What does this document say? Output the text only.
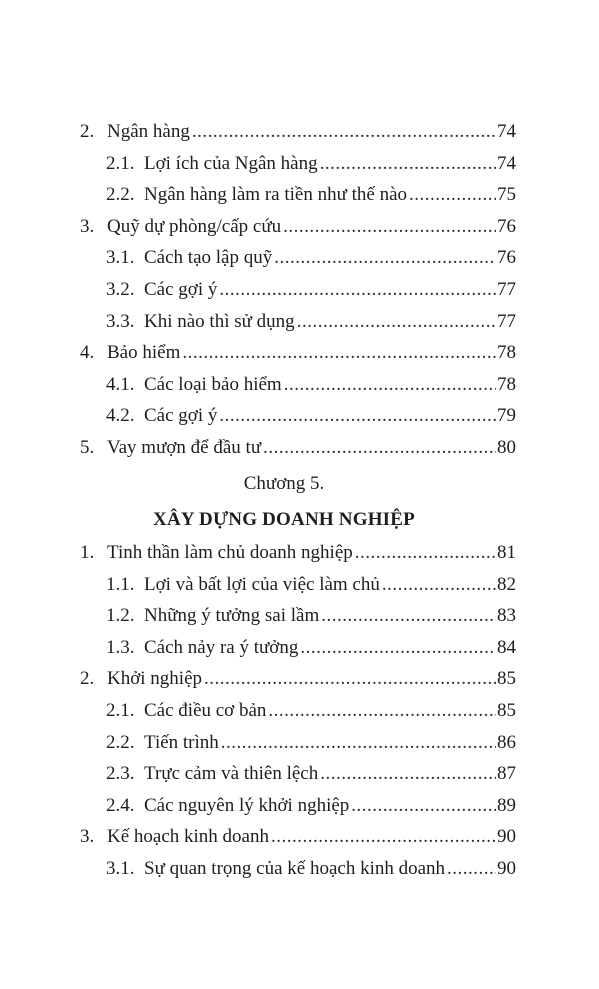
2. Ngân hàng .....	74
2.1. Lợi ích của Ngân hàng .....	74
2.2. Ngân hàng làm ra tiền như thế nào .....	75
3. Quỹ dự phòng/cấp cứu .....	76
3.1. Cách tạo lập quỹ .....	76
3.2. Các gợi ý .....	77
3.3. Khi nào thì sử dụng .....	77
4. Bảo hiểm .....	78
4.1. Các loại bảo hiểm .....	78
4.2. Các gợi ý .....	79
5. Vay mượn để đầu tư .....	80
Chương 5.
XÂY DỰNG DOANH NGHIỆP
1. Tinh thần làm chủ doanh nghiệp .....	81
1.1. Lợi và bất lợi của việc làm chủ .....	82
1.2. Những ý tưởng sai lầm .....	83
1.3. Cách nảy ra ý tưởng .....	84
2. Khởi nghiệp .....	85
2.1. Các điều cơ bản .....	85
2.2. Tiến trình .....	86
2.3. Trực cảm và thiên lệch .....	87
2.4. Các nguyên lý khởi nghiệp .....	89
3. Kế hoạch kinh doanh .....	90
3.1. Sự quan trọng của kế hoạch kinh doanh .....	90
